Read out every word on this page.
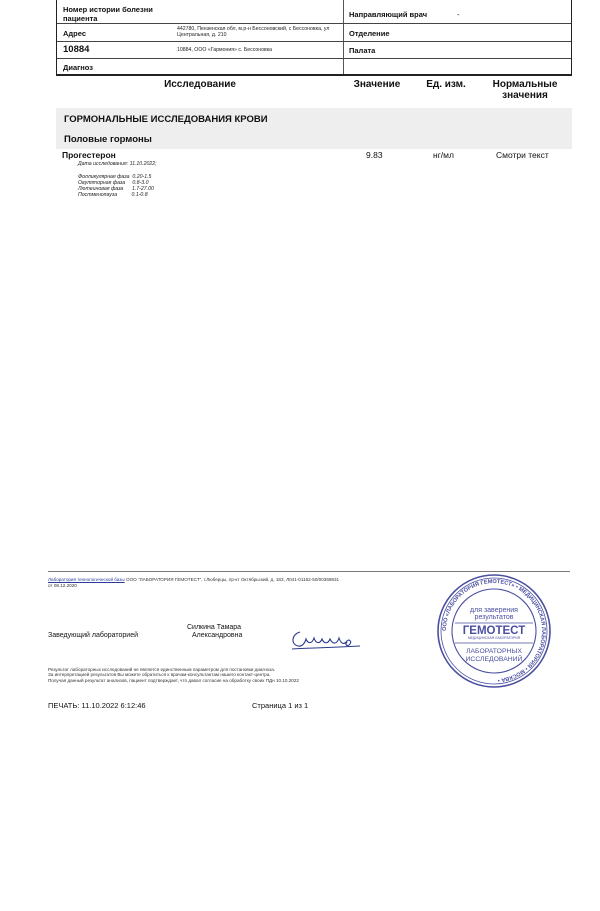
Номер истории болезни пациента	Направляющий врач	-
Адрес	442780, Пензенская обл, м.р-н Бессоновский, с Бессоновка, ул Центральная, д. 210	Отделение
10884	10884, ООО «Гармония» с. Бессоновка	Палата
Диагноз
Исследование	Значение	Ед. изм.	Нормальные значения
ГОРМОНАЛЬНЫЕ ИССЛЕДОВАНИЯ КРОВИ
Половые гормоны
Прогестерон	9.83	нг/мл	Смотри текст
Дата исследования: 11.10.2022;
Фолликулярная фаза  0.20-1.5
Овуляторная фаза     0.8-3.0
Лютеиновая фаза      1.7-27.00
Постменопауза          0.1-0.8
Лаборатория технологической базы ООО "ЛАБОРАТОРИЯ ГЕМОТЕСТ", г.Люберцы, пр-кт Октябрьский, д. 183, Л041-01162-50/00369831
от 08.12.2020
Силкина Тамара
Александровна
Заведующий лабораторией
Результат лабораторных исследований не является единственным параметром для постановки диагноза.
За интерпретацией результатов Вы можете обратиться к врачам-консультантам нашего контакт-центра.
Получая данный результат анализов, пациент подтверждает, что давал согласие на обработку своих ПДн 10.10.2022
ПЕЧАТЬ: 11.10.2022 6:12:46	Страница 1 из 1
ООО «ЛАБОРАТОРИЯ ГЕМОТЕСТ» • МЕДИЦИНСКАЯ ЛАБОРАТОРИЯ • МОСКВА •
для заверения
результатов
ГЕМОТЕСТ
МЕДИЦИНСКАЯ ЛАБОРАТОРИЯ
ЛАБОРАТОРНЫХ
ИССЛЕДОВАНИЙ
